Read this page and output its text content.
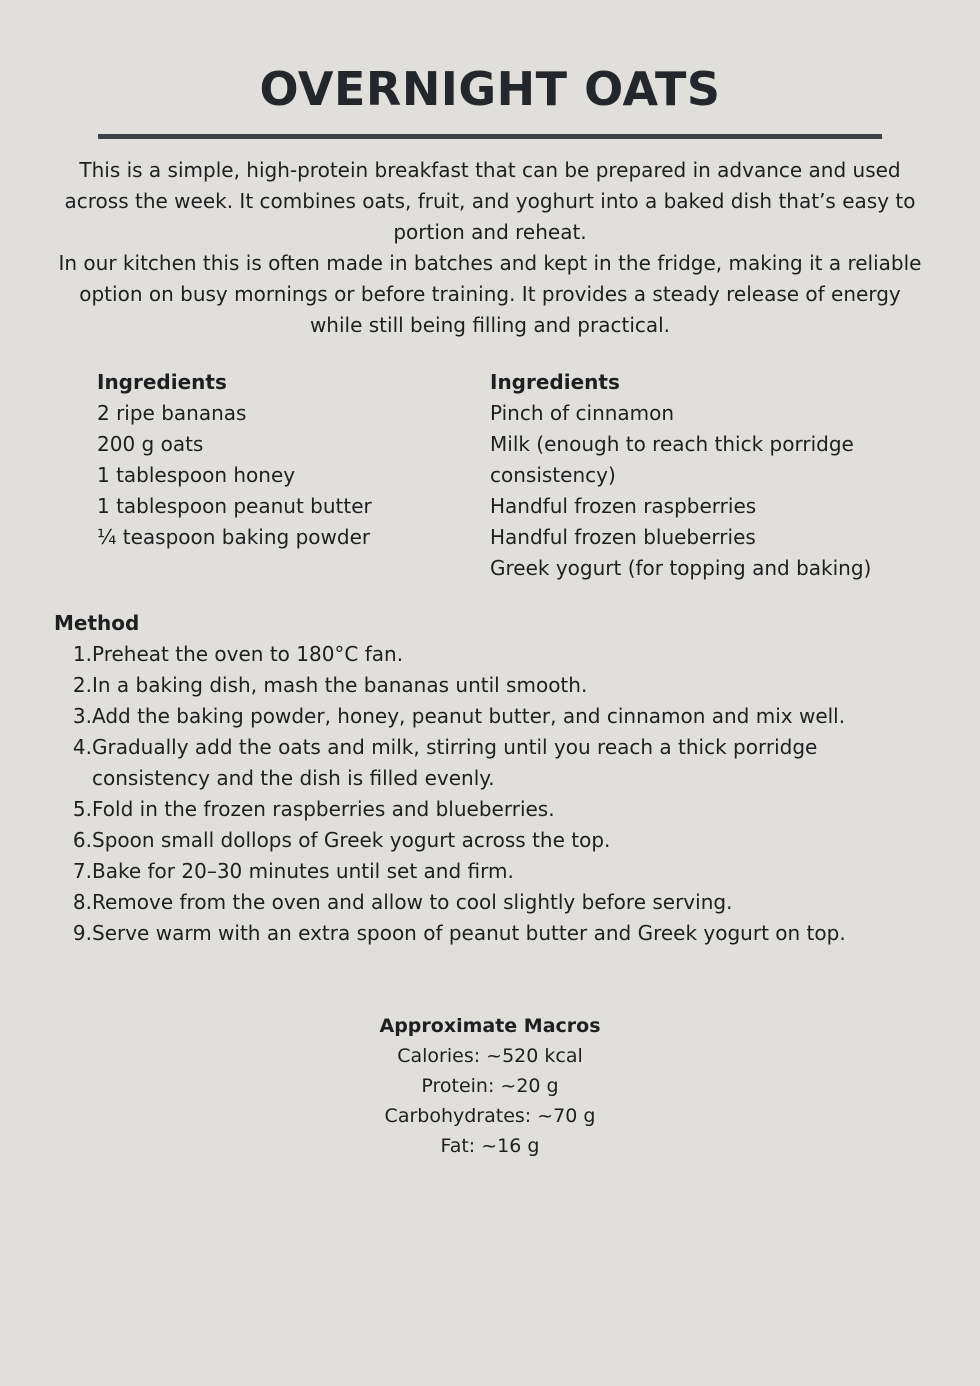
OVERNIGHT OATS

This is a simple, high-protein breakfast that can be prepared in advance and used across the week. It combines oats, fruit, and yoghurt into a baked dish that’s easy to portion and reheat.

In our kitchen this is often made in batches and kept in the fridge, making it a reliable option on busy mornings or before training. It provides a steady release of energy while still being filling and practical.

Ingredients
2 ripe bananas
200 g oats
1 tablespoon honey
1 tablespoon peanut butter
¼ teaspoon baking powder
Ingredients
Pinch of cinnamon
Milk (enough to reach thick porridge consistency)
Handful frozen raspberries
Handful frozen blueberries
Greek yogurt (for topping and baking)
Method
1. Preheat the oven to 180°C fan.
2. In a baking dish, mash the bananas until smooth.
3. Add the baking powder, honey, peanut butter, and cinnamon and mix well.
4. Gradually add the oats and milk, stirring until you reach a thick porridge consistency and the dish is filled evenly.
5. Fold in the frozen raspberries and blueberries.
6. Spoon small dollops of Greek yogurt across the top.
7. Bake for 20–30 minutes until set and firm.
8. Remove from the oven and allow to cool slightly before serving.
9. Serve warm with an extra spoon of peanut butter and Greek yogurt on top.
Approximate Macros
Calories: ~520 kcal
Protein: ~20 g
Carbohydrates: ~70 g
Fat: ~16 g
